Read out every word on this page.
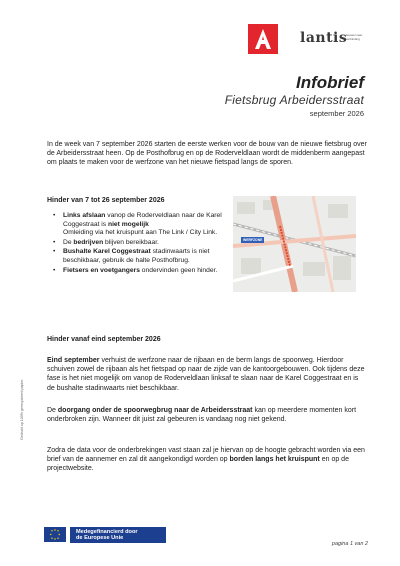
lantis
bouwen aan verbinding
Infobrief
Fietsbrug Arbeidersstraat
september 2026
In de week van 7 september 2026 starten de eerste werken voor de bouw van de nieuwe fietsbrug over de Arbeidersstraat heen. Op de Posthofbrug en op de Roderveldlaan wordt de middenberm aangepast om plaats te maken voor de werfzone van het nieuwe fietspad langs de sporen.
Hinder van 7 tot 26 september 2026
• Links afslaan vanop de Roderveldlaan naar de Karel Coggestraat is niet mogelijk
Omleiding via het kruispunt aan The Link / City Link.
• De bedrijven blijven bereikbaar.
• Bushalte Karel Coggestraat stadinwaarts is niet beschikbaar, gebruik de halte Posthofbrug.
• Fietsers en voetgangers ondervinden geen hinder.
WERFZONE
Hinder vanaf eind september 2026
Eind september verhuist de werfzone naar de rijbaan en de berm langs de spoorweg. Hierdoor schuiven zowel de rijbaan als het fietspad op naar de zijde van de kantoorgebouwen. Ook tijdens deze fase is het niet mogelijk om vanop de Roderveldlaan linksaf te slaan naar de Karel Coggestraat en is de bushalte stadinwaarts niet beschikbaar.
De doorgang onder de spoorwegbrug naar de Arbeidersstraat kan op meerdere momenten kort onderbroken zijn. Wanneer dit juist zal gebeuren is vandaag nog niet gekend.
Zodra de data voor de onderbrekingen vast staan zal je hiervan op de hoogte gebracht worden via een brief van de aannemer en zal dit aangekondigd worden op borden langs het kruispunt en op de projectwebsite.
Gedrukt op 100% gerecycleerd papier.
Medegefinancierd door
de Europese Unie
pagina 1 van 2
